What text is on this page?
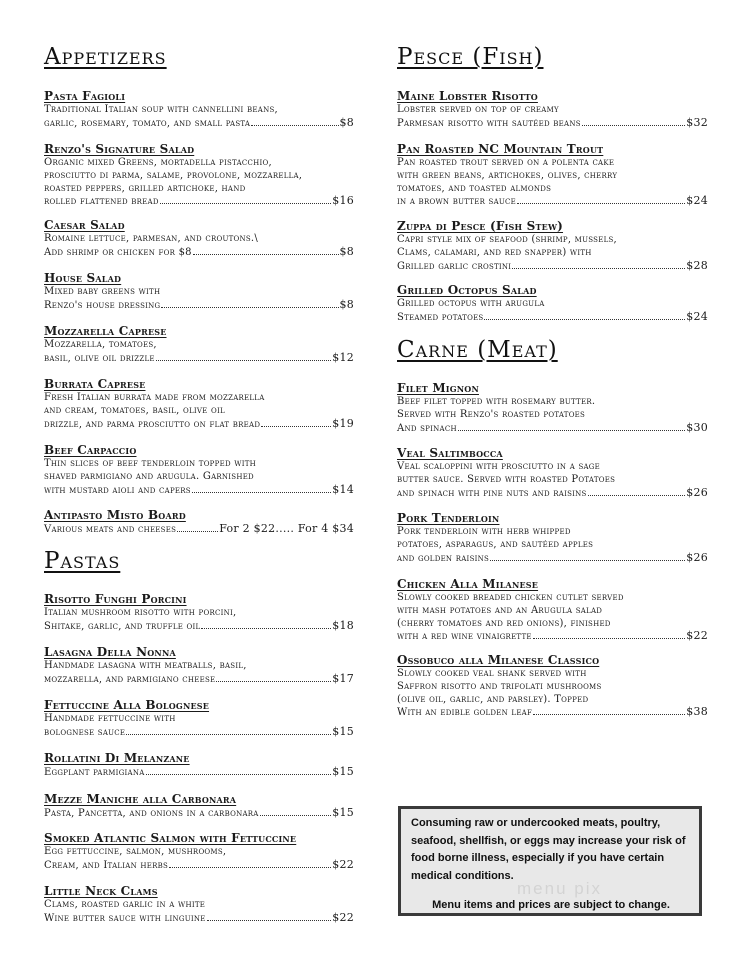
Appetizers
Pastas
Pasta Fagioli
Traditional Italian soup with cannellini beans,
garlic, rosemary, tomato, and small pasta	$8
Renzo's Signature Salad
Organic mixed Greens, mortadella pistacchio,
prosciutto di parma, salame, provolone, mozzarella,
roasted peppers, grilled artichoke, hand
rolled flattened bread	$16
Caesar Salad
Romaine lettuce, parmesan, and croutons.\
Add shrimp or chicken for $8	$8
House Salad
Mixed baby greens with
Renzo's house dressing	$8
Mozzarella Caprese
Mozzarella, tomatoes,
basil, olive oil drizzle	$12
Burrata Caprese
Fresh Italian burrata made from mozzarella
and cream, tomatoes, basil, olive oil
drizzle, and parma prosciutto on flat bread	$19
Beef Carpaccio
Thin slices of beef tenderloin topped with
shaved parmigiano and arugula. Garnished
with mustard aioli and capers	$14
Antipasto Misto Board
Various meats and cheeses	For 2 $22..... For 4 $34
Risotto Funghi Porcini
Italian mushroom risotto with porcini,
Shitake, garlic, and truffle oil	$18
Lasagna Della Nonna
Handmade lasagna with meatballs, basil,
mozzarella, and parmigiano cheese	$17
Fettuccine Alla Bolognese
Handmade fettuccine with
bolognese sauce	$15
Rollatini Di Melanzane
Eggplant parmigiana	$15
Mezze Maniche alla Carbonara
Pasta, Pancetta, and onions in a carbonara	$15
Smoked Atlantic Salmon with Fettuccine
Egg fettuccine, salmon, mushrooms,
Cream, and Italian herbs	$22
Little Neck Clams
Clams, roasted garlic in a white
Wine butter sauce with linguine	$22
Pesce (Fish)
Carne (Meat)
Maine Lobster Risotto
Lobster served on top of creamy
Parmesan risotto with sautéed beans	$32
Pan Roasted NC Mountain Trout
Pan roasted trout served on a polenta cake
with green beans, artichokes, olives, cherry
tomatoes, and toasted almonds
in a brown butter sauce	$24
Zuppa di Pesce (Fish Stew)
Capri style mix of seafood (shrimp, mussels,
Clams, calamari, and red snapper) with
Grilled garlic crostini	$28
Grilled Octopus Salad
Grilled octopus with arugula
Steamed potatoes	$24
Filet Mignon
Beef filet topped with rosemary butter.
Served with Renzo's roasted potatoes
And spinach	$30
Veal Saltimbocca
Veal scaloppini with prosciutto in a sage
butter sauce. Served with roasted Potatoes
and spinach with pine nuts and raisins	$26
Pork Tenderloin
Pork tenderloin with herb whipped
potatoes, asparagus, and sautéed apples
and golden raisins	$26
Chicken Alla Milanese
Slowly cooked breaded chicken cutlet served
with mash potatoes and an Arugula salad
(cherry tomatoes and red onions), finished
with a red wine vinaigrette	$22
Ossobuco alla Milanese Classico
Slowly cooked veal shank served with
Saffron risotto and trifolati mushrooms
(olive oil, garlic, and parsley). Topped
With an edible golden leaf	$38
Consuming raw or undercooked meats, poultry, seafood, shellfish, or eggs may increase your risk of food borne illness, especially if you have certain medical conditions.
Menu items and prices are subject to change.
menu pix
